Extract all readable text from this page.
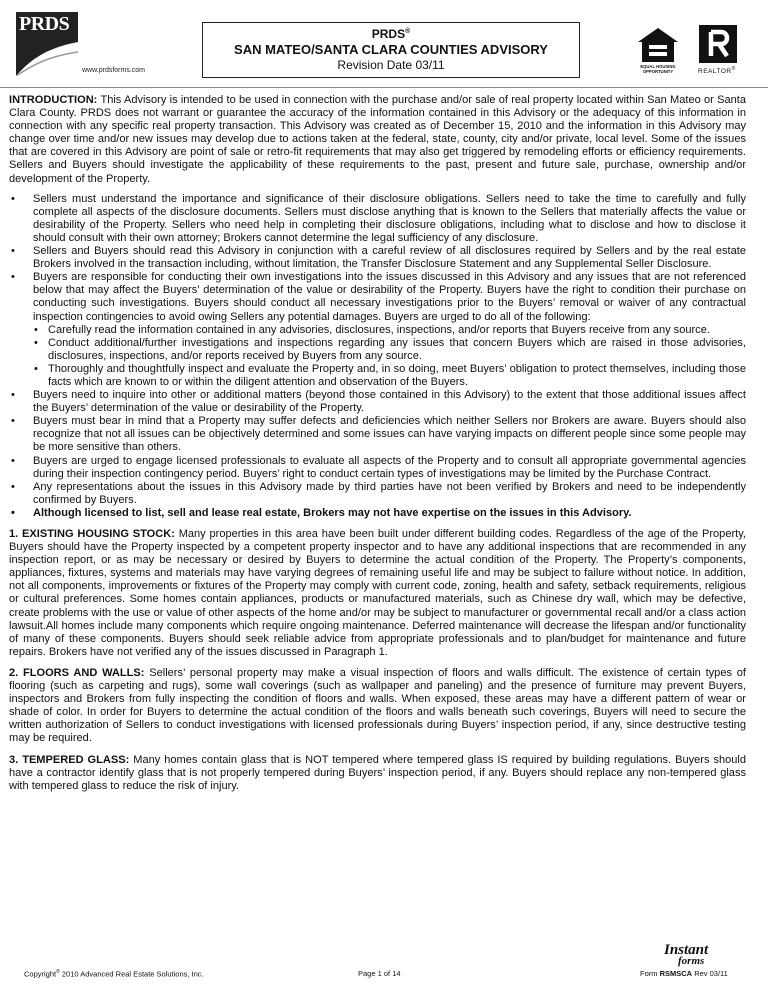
PRDS
www.prdsforms.com
PRDS®
SAN MATEO/SANTA CLARA COUNTIES ADVISORY
Revision Date 03/11	EQUAL HOUSING
OPPORTUNITY	REALTOR®

INTRODUCTION: This Advisory is intended to be used in connection with the purchase and/or sale of real property located within San Mateo or Santa Clara County. PRDS does not warrant or guarantee the accuracy of the information contained in this Advisory or the adequacy of this information in connection with any specific real property transaction. This Advisory was created as of December 15, 2010 and the information in this Advisory may change over time and/or new issues may develop due to actions taken at the federal, state, county, city and/or private, local level. Some of the issues that are covered in this Advisory are point of sale or retro-fit requirements that may also get triggered by remodeling efforts or efficiency requirements. Sellers and Buyers should investigate the applicability of these requirements to the past, present and future sale, purchase, ownership and/or development of the Property.

• Sellers must understand the importance and significance of their disclosure obligations. Sellers need to take the time to carefully and fully complete all aspects of the disclosure documents. Sellers must disclose anything that is known to the Sellers that materially affects the value or desirability of the Property. Sellers who need help in completing their disclosure obligations, including what to disclose and how to disclose it should consult with their own attorney; Brokers cannot determine the legal sufficiency of any disclosure.
• Sellers and Buyers should read this Advisory in conjunction with a careful review of all disclosures required by Sellers and by the real estate Brokers involved in the transaction including, without limitation, the Transfer Disclosure Statement and any Supplemental Seller Disclosure.
• Buyers are responsible for conducting their own investigations into the issues discussed in this Advisory and any issues that are not referenced below that may affect the Buyers’ determination of the value or desirability of the Property. Buyers have the right to condition their purchase on conducting such investigations. Buyers should conduct all necessary investigations prior to the Buyers’ removal or waiver of any contractual inspection contingencies to avoid owing Sellers any potential damages. Buyers are urged to do all of the following:
• Carefully read the information contained in any advisories, disclosures, inspections, and/or reports that Buyers receive from any source.
• Conduct additional/further investigations and inspections regarding any issues that concern Buyers which are raised in those advisories, disclosures, inspections, and/or reports received by Buyers from any source.
• Thoroughly and thoughtfully inspect and evaluate the Property and, in so doing, meet Buyers’ obligation to protect themselves, including those facts which are known to or within the diligent attention and observation of the Buyers.
• Buyers need to inquire into other or additional matters (beyond those contained in this Advisory) to the extent that those additional issues affect the Buyers’ determination of the value or desirability of the Property.
• Buyers must bear in mind that a Property may suffer defects and deficiencies which neither Sellers nor Brokers are aware. Buyers should also recognize that not all issues can be objectively determined and some issues can have varying impacts on different people since some people may be more sensitive than others.
• Buyers are urged to engage licensed professionals to evaluate all aspects of the Property and to consult all appropriate governmental agencies during their inspection contingency period. Buyers’ right to conduct certain types of investigations may be limited by the Purchase Contract.
• Any representations about the issues in this Advisory made by third parties have not been verified by Brokers and need to be independently confirmed by Buyers.
• Although licensed to list, sell and lease real estate, Brokers may not have expertise on the issues in this Advisory.

1. EXISTING HOUSING STOCK: Many properties in this area have been built under different building codes. Regardless of the age of the Property, Buyers should have the Property inspected by a competent property inspector and to have any additional inspections that are recommended in any inspection report, or as may be necessary or desired by Buyers to determine the actual condition of the Property. The Property’s components, appliances, fixtures, systems and materials may have varying degrees of remaining useful life and may be subject to failure without notice. In addition, not all components, improvements or fixtures of the Property may comply with current code, zoning, health and safety, setback requirements, religious or cultural preferences. Some homes contain appliances, products or manufactured materials, such as Chinese dry wall, which may be defective, create problems with the use or value of other aspects of the home and/or may be subject to manufacturer or governmental recall and/or a class action lawsuit.All homes include many components which require ongoing maintenance. Deferred maintenance will decrease the lifespan and/or functionality of many of these components. Buyers should seek reliable advice from appropriate professionals and to plan/budget for maintenance and future repairs. Brokers have not verified any of the issues discussed in Paragraph 1.

2. FLOORS AND WALLS: Sellers’ personal property may make a visual inspection of floors and walls difficult. The existence of certain types of flooring (such as carpeting and rugs), some wall coverings (such as wallpaper and paneling) and the presence of furniture may prevent Buyers, inspectors and Brokers from fully inspecting the condition of floors and walls. When exposed, these areas may have a different pattern of wear or shade of color. In order for Buyers to determine the actual condition of the floors and walls beneath such coverings, Buyers will need to secure the written authorization of Sellers to conduct investigations with licensed professionals during Buyers’ inspection period, if any, since destructive testing may be required.

3. TEMPERED GLASS: Many homes contain glass that is NOT tempered where tempered glass IS required by building regulations. Buyers should have a contractor identify glass that is not properly tempered during Buyers’ inspection period, if any. Buyers should replace any non-tempered glass with tempered glass to reduce the risk of injury.

Instant
forms
Copyright® 2010 Advanced Real Estate Solutions, Inc.	Page 1 of 14	Form RSMSCA Rev 03/11
